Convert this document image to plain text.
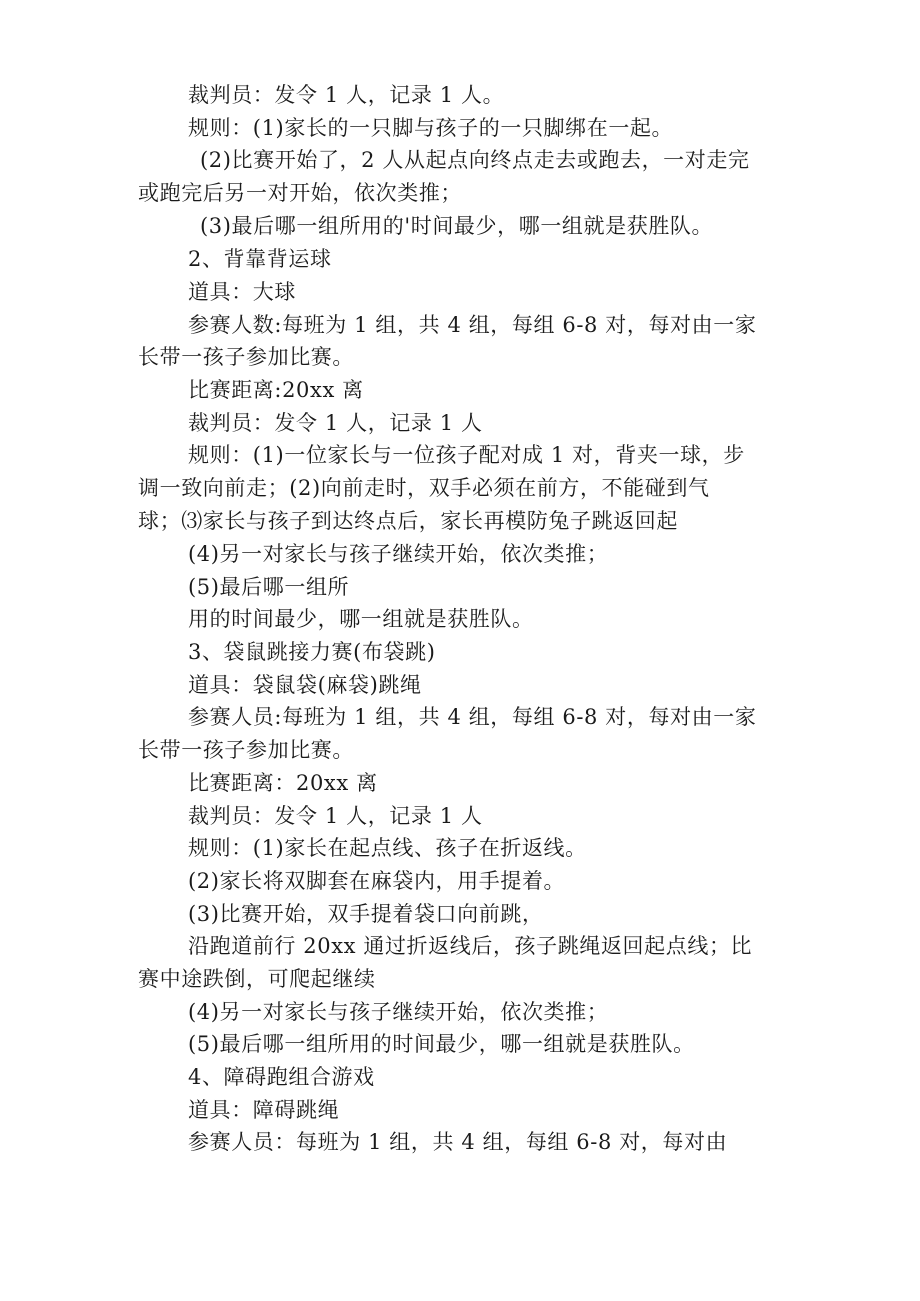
裁判员：发令 1 人，记录 1 人。
规则：(1)家长的一只脚与孩子的一只脚绑在一起。
(2)比赛开始了，2 人从起点向终点走去或跑去，一对走完
或跑完后另一对开始，依次类推；
(3)最后哪一组所用的'时间最少，哪一组就是获胜队。
2、背靠背运球
道具：大球
参赛人数:每班为 1 组，共 4 组，每组 6-8 对，每对由一家
长带一孩子参加比赛。
比赛距离:20xx 离
裁判员：发令 1 人，记录 1 人
规则：(1)一位家长与一位孩子配对成 1 对，背夹一球，步
调一致向前走；(2)向前走时，双手必须在前方，不能碰到气
球；⑶家长与孩子到达终点后，家长再模防兔子跳返回起
(4)另一对家长与孩子继续开始，依次类推；
(5)最后哪一组所
用的时间最少，哪一组就是获胜队。
3、袋鼠跳接力赛(布袋跳)
道具：袋鼠袋(麻袋)跳绳
参赛人员:每班为 1 组，共 4 组，每组 6-8 对，每对由一家
长带一孩子参加比赛。
比赛距离：20xx 离
裁判员：发令 1 人，记录 1 人
规则：(1)家长在起点线、孩子在折返线。
(2)家长将双脚套在麻袋内，用手提着。
(3)比赛开始，双手提着袋口向前跳，
沿跑道前行 20xx 通过折返线后，孩子跳绳返回起点线；比
赛中途跌倒，可爬起继续
(4)另一对家长与孩子继续开始，依次类推；
(5)最后哪一组所用的时间最少，哪一组就是获胜队。
4、障碍跑组合游戏
道具：障碍跳绳
参赛人员：每班为 1 组，共 4 组，每组 6-8 对，每对由
